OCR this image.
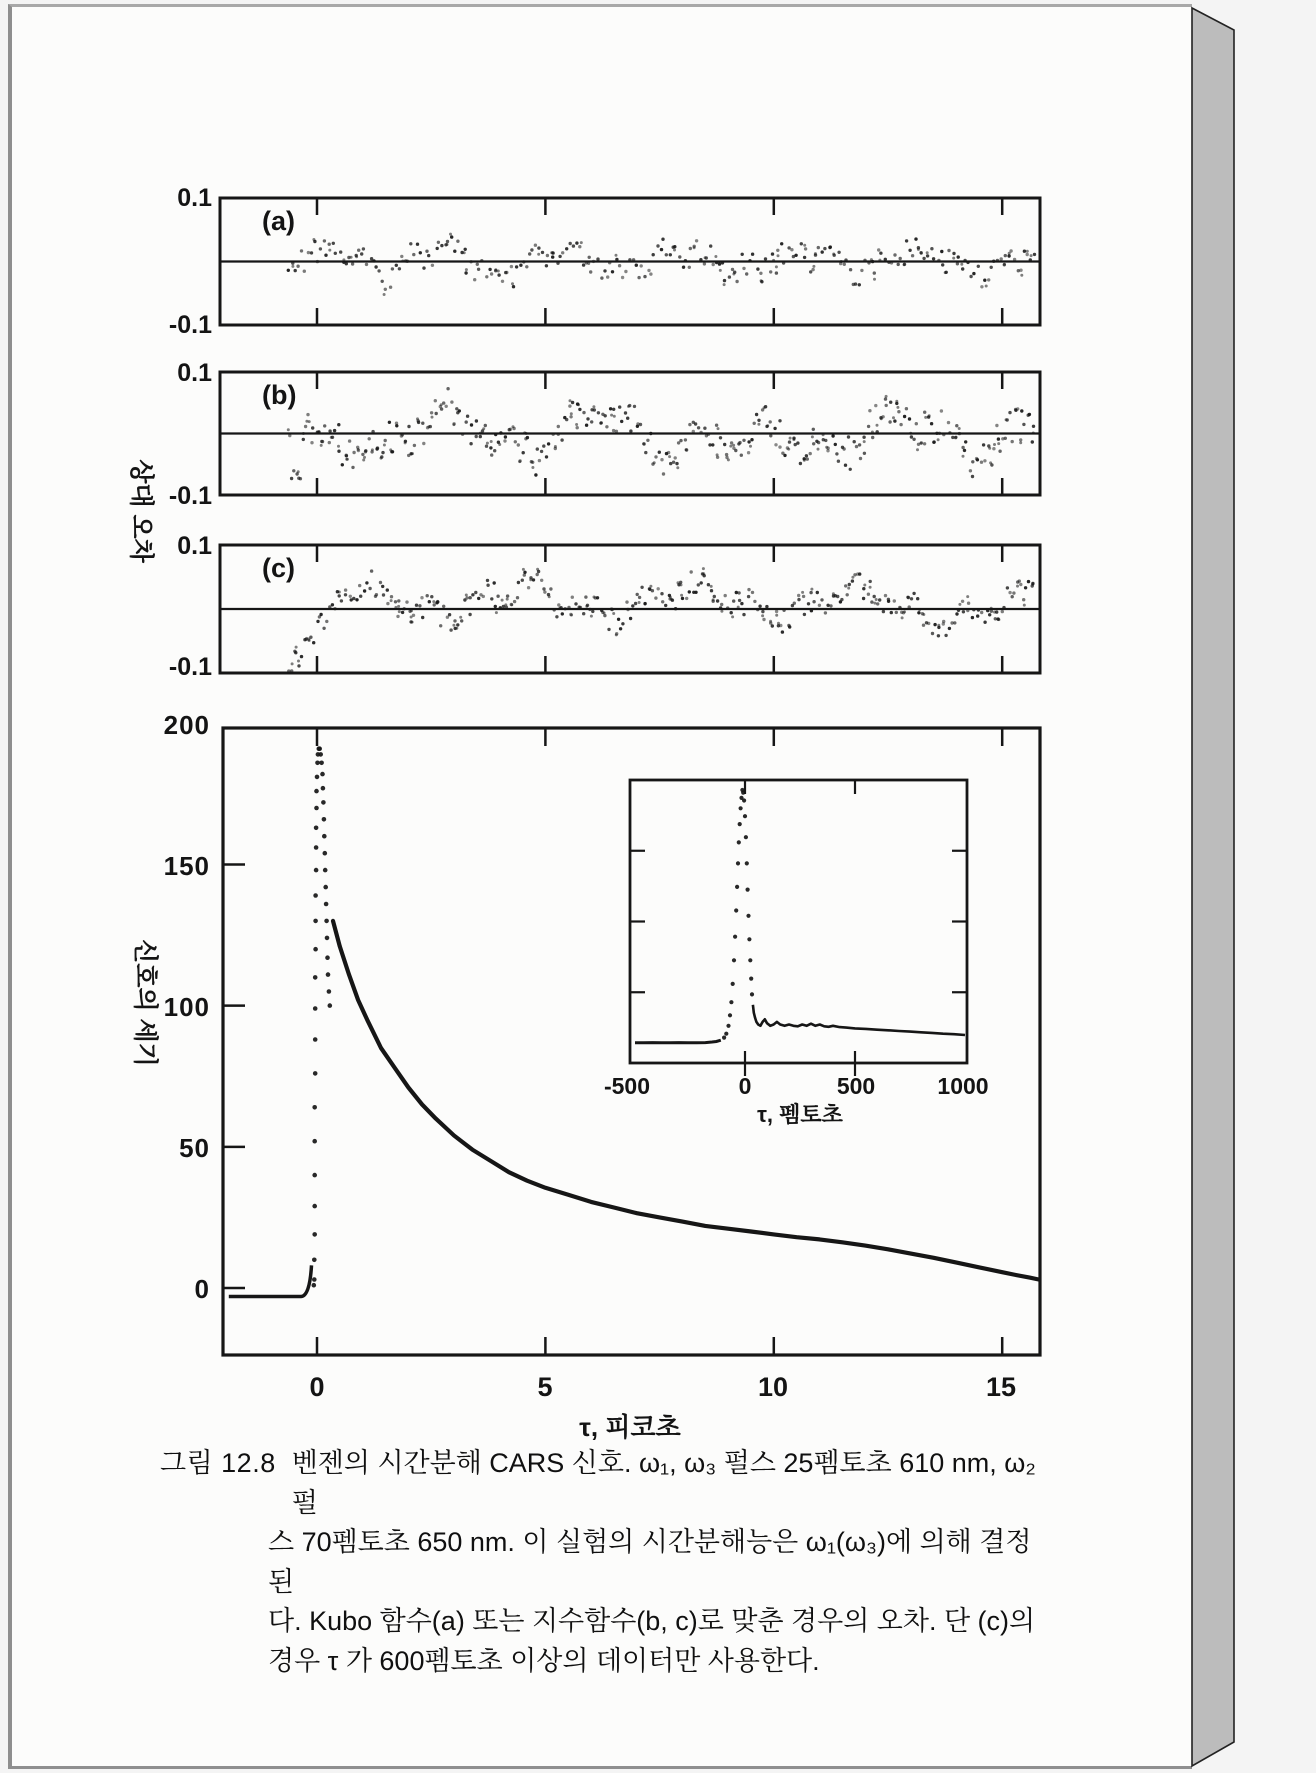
0.1
-0.1
(a)
0.1
-0.1
(b)
0.1
-0.1
(c)
상대 오차
200
150
100
50
0
신호의 세기
0	5	10	15
τ, 피코초
-500	0	500	1000
τ, 펨토초
그림 12.8 벤젠의 시간분해 CARS 신호. ω₁, ω₃ 펄스 25펨토초 610 nm, ω₂ 펄
스 70펨토초 650 nm. 이 실험의 시간분해능은 ω₁(ω₃)에 의해 결정된
다. Kubo 함수(a) 또는 지수함수(b, c)로 맞춘 경우의 오차. 단 (c)의
경우 τ 가 600펨토초 이상의 데이터만 사용한다.
